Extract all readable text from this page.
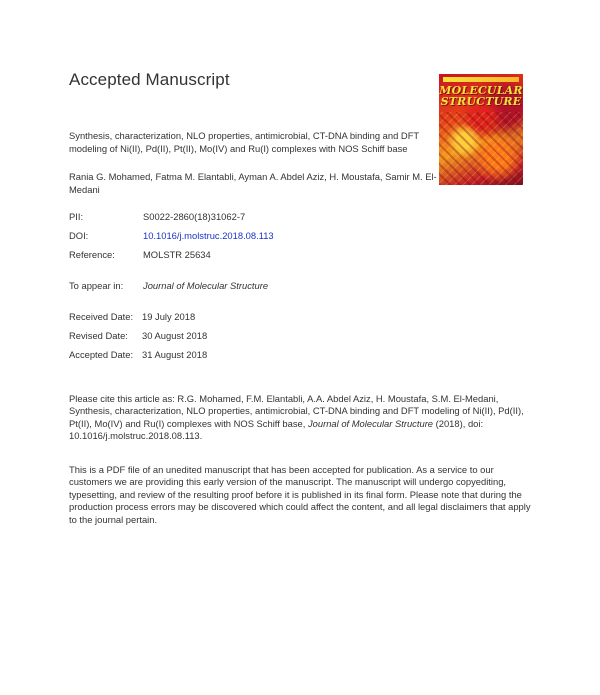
Accepted Manuscript
MOLECULAR
STRUCTURE
Synthesis, characterization, NLO properties, antimicrobial, CT-DNA binding and DFT modeling of Ni(II), Pd(II), Pt(II), Mo(IV) and Ru(I) complexes with NOS Schiff base
Rania G. Mohamed, Fatma M. Elantabli, Ayman A. Abdel Aziz, H. Moustafa, Samir M. El-Medani
PII:	S0022-2860(18)31062-7
DOI:	10.1016/j.molstruc.2018.08.113
Reference:	MOLSTR 25634
To appear in: Journal of Molecular Structure
Received Date: 19 July 2018
Revised Date: 30 August 2018
Accepted Date: 31 August 2018
Please cite this article as: R.G. Mohamed, F.M. Elantabli, A.A. Abdel Aziz, H. Moustafa, S.M. El-Medani, Synthesis, characterization, NLO properties, antimicrobial, CT-DNA binding and DFT modeling of Ni(II), Pd(II), Pt(II), Mo(IV) and Ru(I) complexes with NOS Schiff base, Journal of Molecular Structure (2018), doi: 10.1016/j.molstruc.2018.08.113.
This is a PDF file of an unedited manuscript that has been accepted for publication. As a service to our customers we are providing this early version of the manuscript. The manuscript will undergo copyediting, typesetting, and review of the resulting proof before it is published in its final form. Please note that during the production process errors may be discovered which could affect the content, and all legal disclaimers that apply to the journal pertain.
